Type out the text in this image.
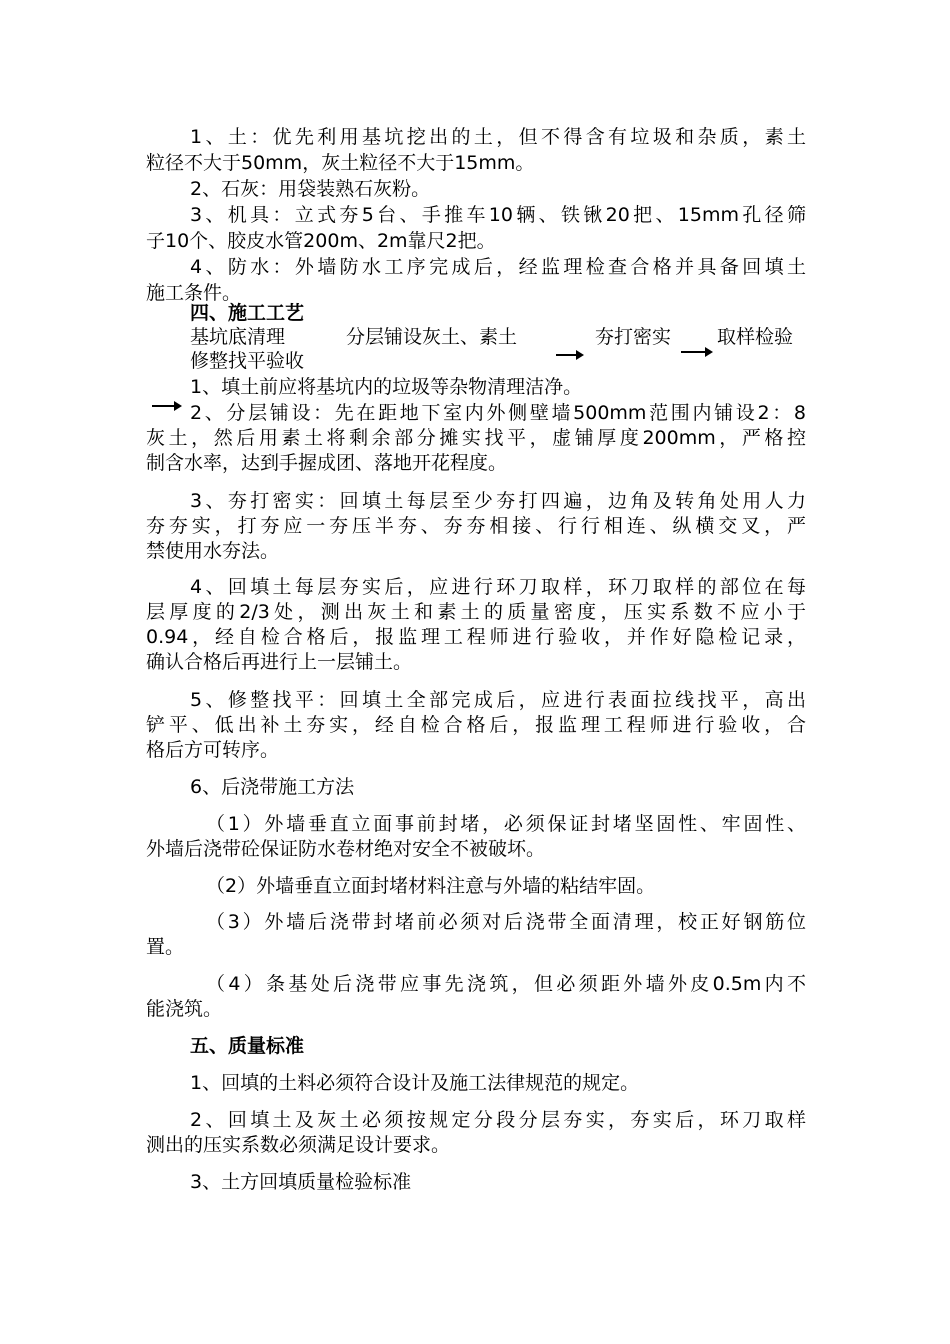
1、土：优先利用基坑挖出的土，但不得含有垃圾和杂质，素土
粒径不大于50mm，灰土粒径不大于15mm。
2、石灰：用袋装熟石灰粉。
3、机具：立式夯5台、手推车10辆、铁锹20把、15mm孔径筛
子10个、胶皮水管200m、2m靠尺2把。
4、防水：外墙防水工序完成后，经监理检查合格并具备回填土
施工条件。
四、施工工艺
基坑底清理	分层铺设灰土、素土	夯打密实 取样检验
修整找平验收
1、填土前应将基坑内的垃圾等杂物清理洁净。
2、分层铺设：先在距地下室内外侧壁墙500mm范围内铺设2：8
灰土，然后用素土将剩余部分摊实找平，虚铺厚度200mm，严格控
制含水率，达到手握成团、落地开花程度。
3、夯打密实：回填土每层至少夯打四遍，边角及转角处用人力
夯夯实，打夯应一夯压半夯、夯夯相接、行行相连、纵横交叉，严
禁使用水夯法。
4、回填土每层夯实后，应进行环刀取样，环刀取样的部位在每
层厚度的2/3处，测出灰土和素土的质量密度，压实系数不应小于
0.94，经自检合格后，报监理工程师进行验收，并作好隐检记录，
确认合格后再进行上一层铺土。
5、修整找平：回填土全部完成后，应进行表面拉线找平，高出
铲平、低出补土夯实，经自检合格后，报监理工程师进行验收，合
格后方可转序。
6、后浇带施工方法
（1）外墙垂直立面事前封堵，必须保证封堵坚固性、牢固性、
外墙后浇带砼保证防水卷材绝对安全不被破坏。
（2）外墙垂直立面封堵材料注意与外墙的粘结牢固。
（3）外墙后浇带封堵前必须对后浇带全面清理，校正好钢筋位
置。
（4）条基处后浇带应事先浇筑，但必须距外墙外皮0.5m内不
能浇筑。
五、质量标准
1、回填的土料必须符合设计及施工法律规范的规定。
2、回填土及灰土必须按规定分段分层夯实，夯实后，环刀取样
测出的压实系数必须满足设计要求。
3、土方回填质量检验标准
